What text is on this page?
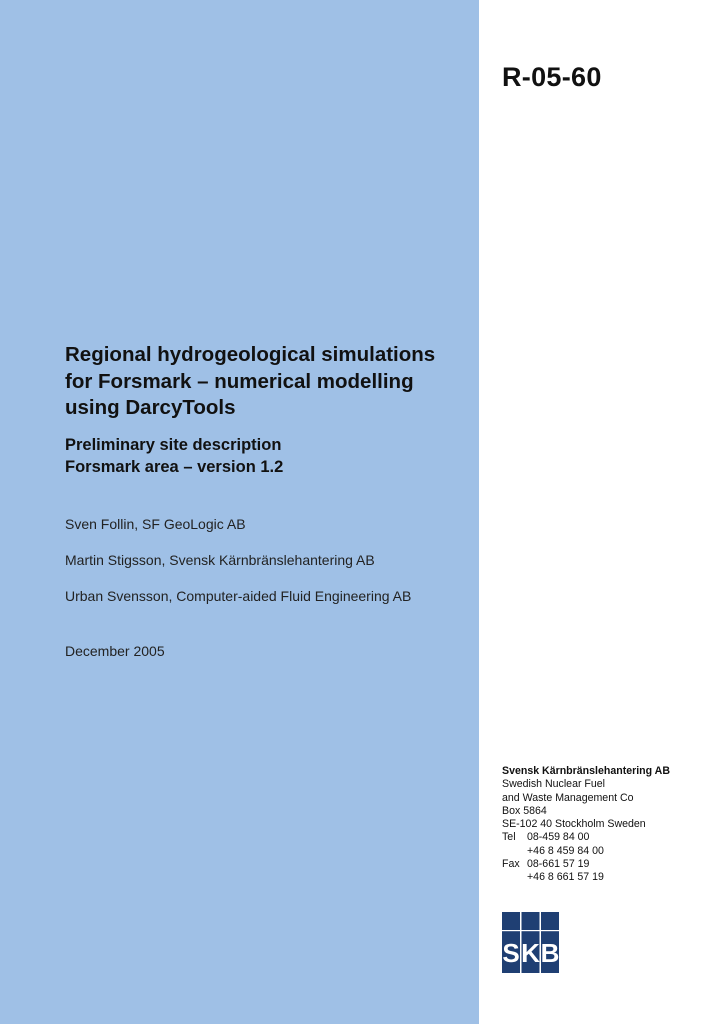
R-05-60
Regional hydrogeological simulations
for Forsmark – numerical modelling
using DarcyTools
Preliminary site description
Forsmark area – version 1.2
Sven Follin, SF GeoLogic AB
Martin Stigsson, Svensk Kärnbränslehantering AB
Urban Svensson, Computer-aided Fluid Engineering AB
December 2005
Svensk Kärnbränslehantering AB
Swedish Nuclear Fuel
and Waste Management Co
Box 5864
SE-102 40 Stockholm Sweden
Tel	08-459 84 00
+46 8 459 84 00
Fax 08-661 57 19
+46 8 661 57 19
S K B
